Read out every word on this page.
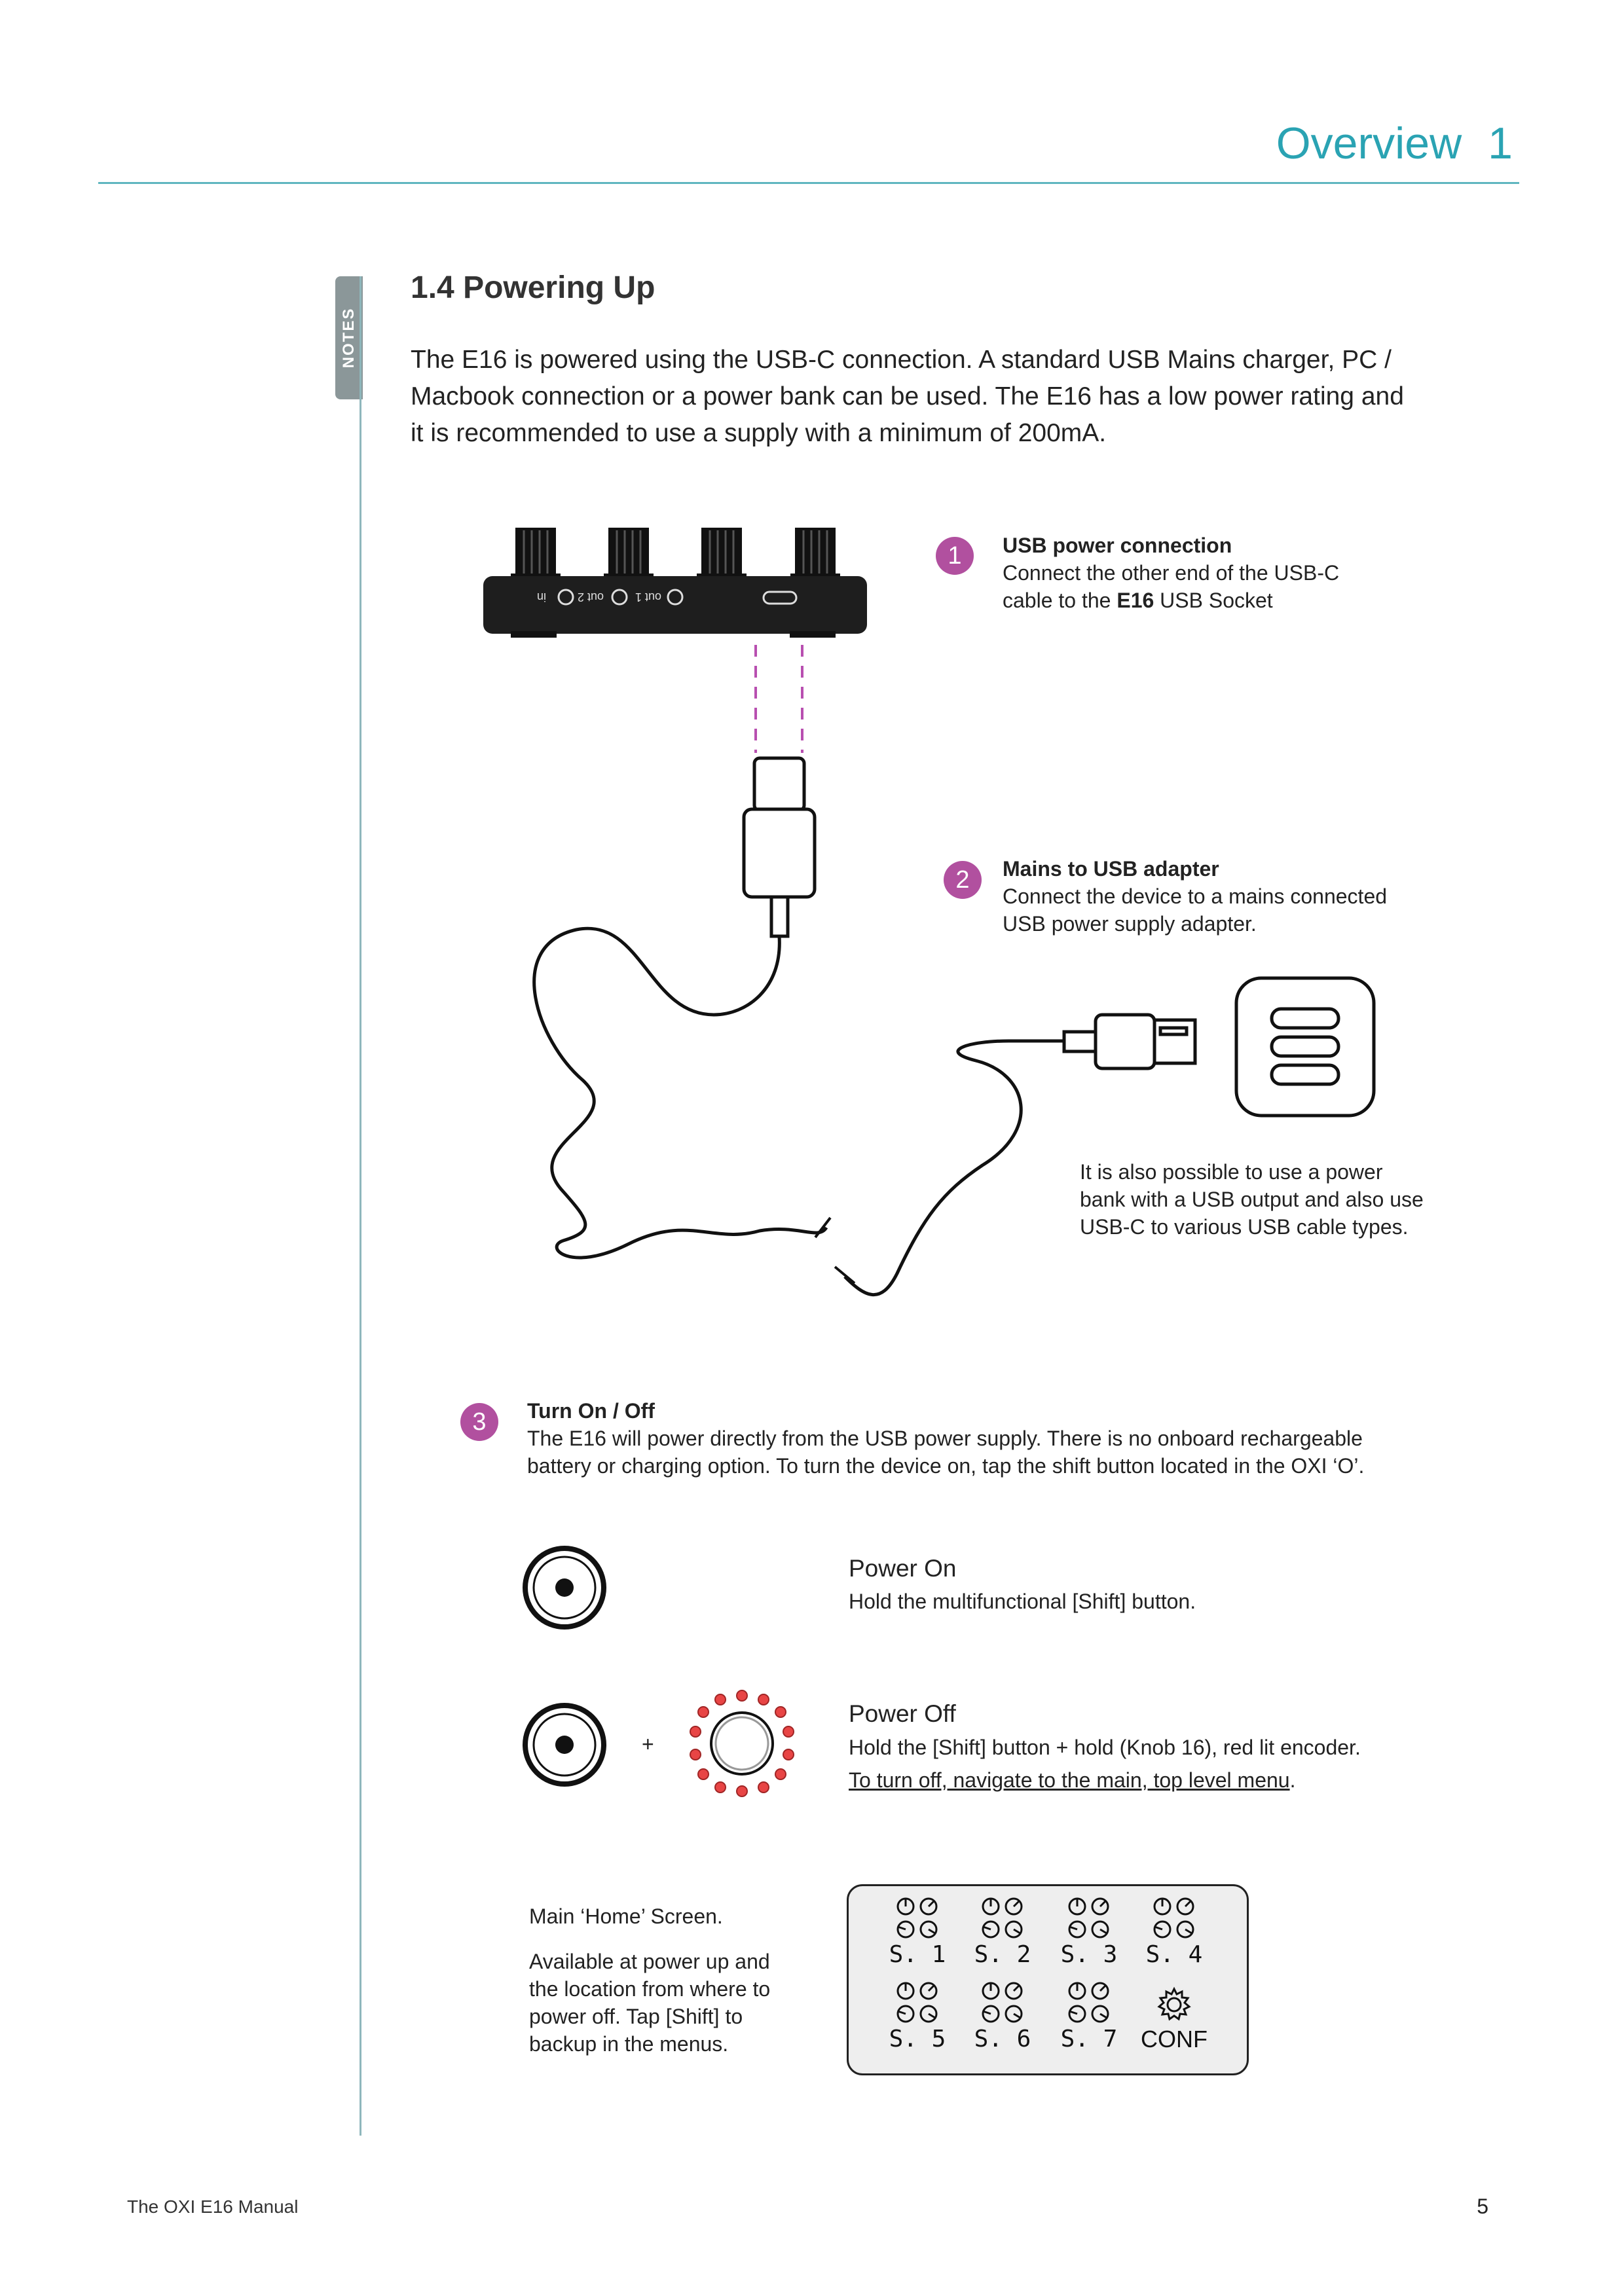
Overview 1
NOTES
1.4 Powering Up
The E16 is powered using the USB-C connection. A standard USB Mains charger, PC /
Macbook connection or a power bank can be used. The E16 has a low power rating and
it is recommended to use a supply with a minimum of 200mA.
in	out 2	out 1
1	USB power connection
Connect the other end of the USB-C
cable to the E16 USB Socket
2	Mains to USB adapter
Connect the device to a mains connected
USB power supply adapter.
It is also possible to use a power
bank with a USB output and also use
USB-C to various USB cable types.
3	Turn On / Off
The E16 will power directly from the USB power supply. There is no onboard rechargeable
battery or charging option. To turn the device on, tap the shift button located in the OXI ‘O’.
+
Power On
Hold the multifunctional [Shift] button.
Power Off
Hold the [Shift] button + hold (Knob 16), red lit encoder.
To turn off, navigate to the main, top level menu.
Main ‘Home’ Screen.
Available at power up and
the location from where to
power off. Tap [Shift] to
backup in the menus.
S. 1	S. 2	S. 3	S. 4
S. 5	S. 6	S. 7 CONF
The OXI E16 Manual	5
